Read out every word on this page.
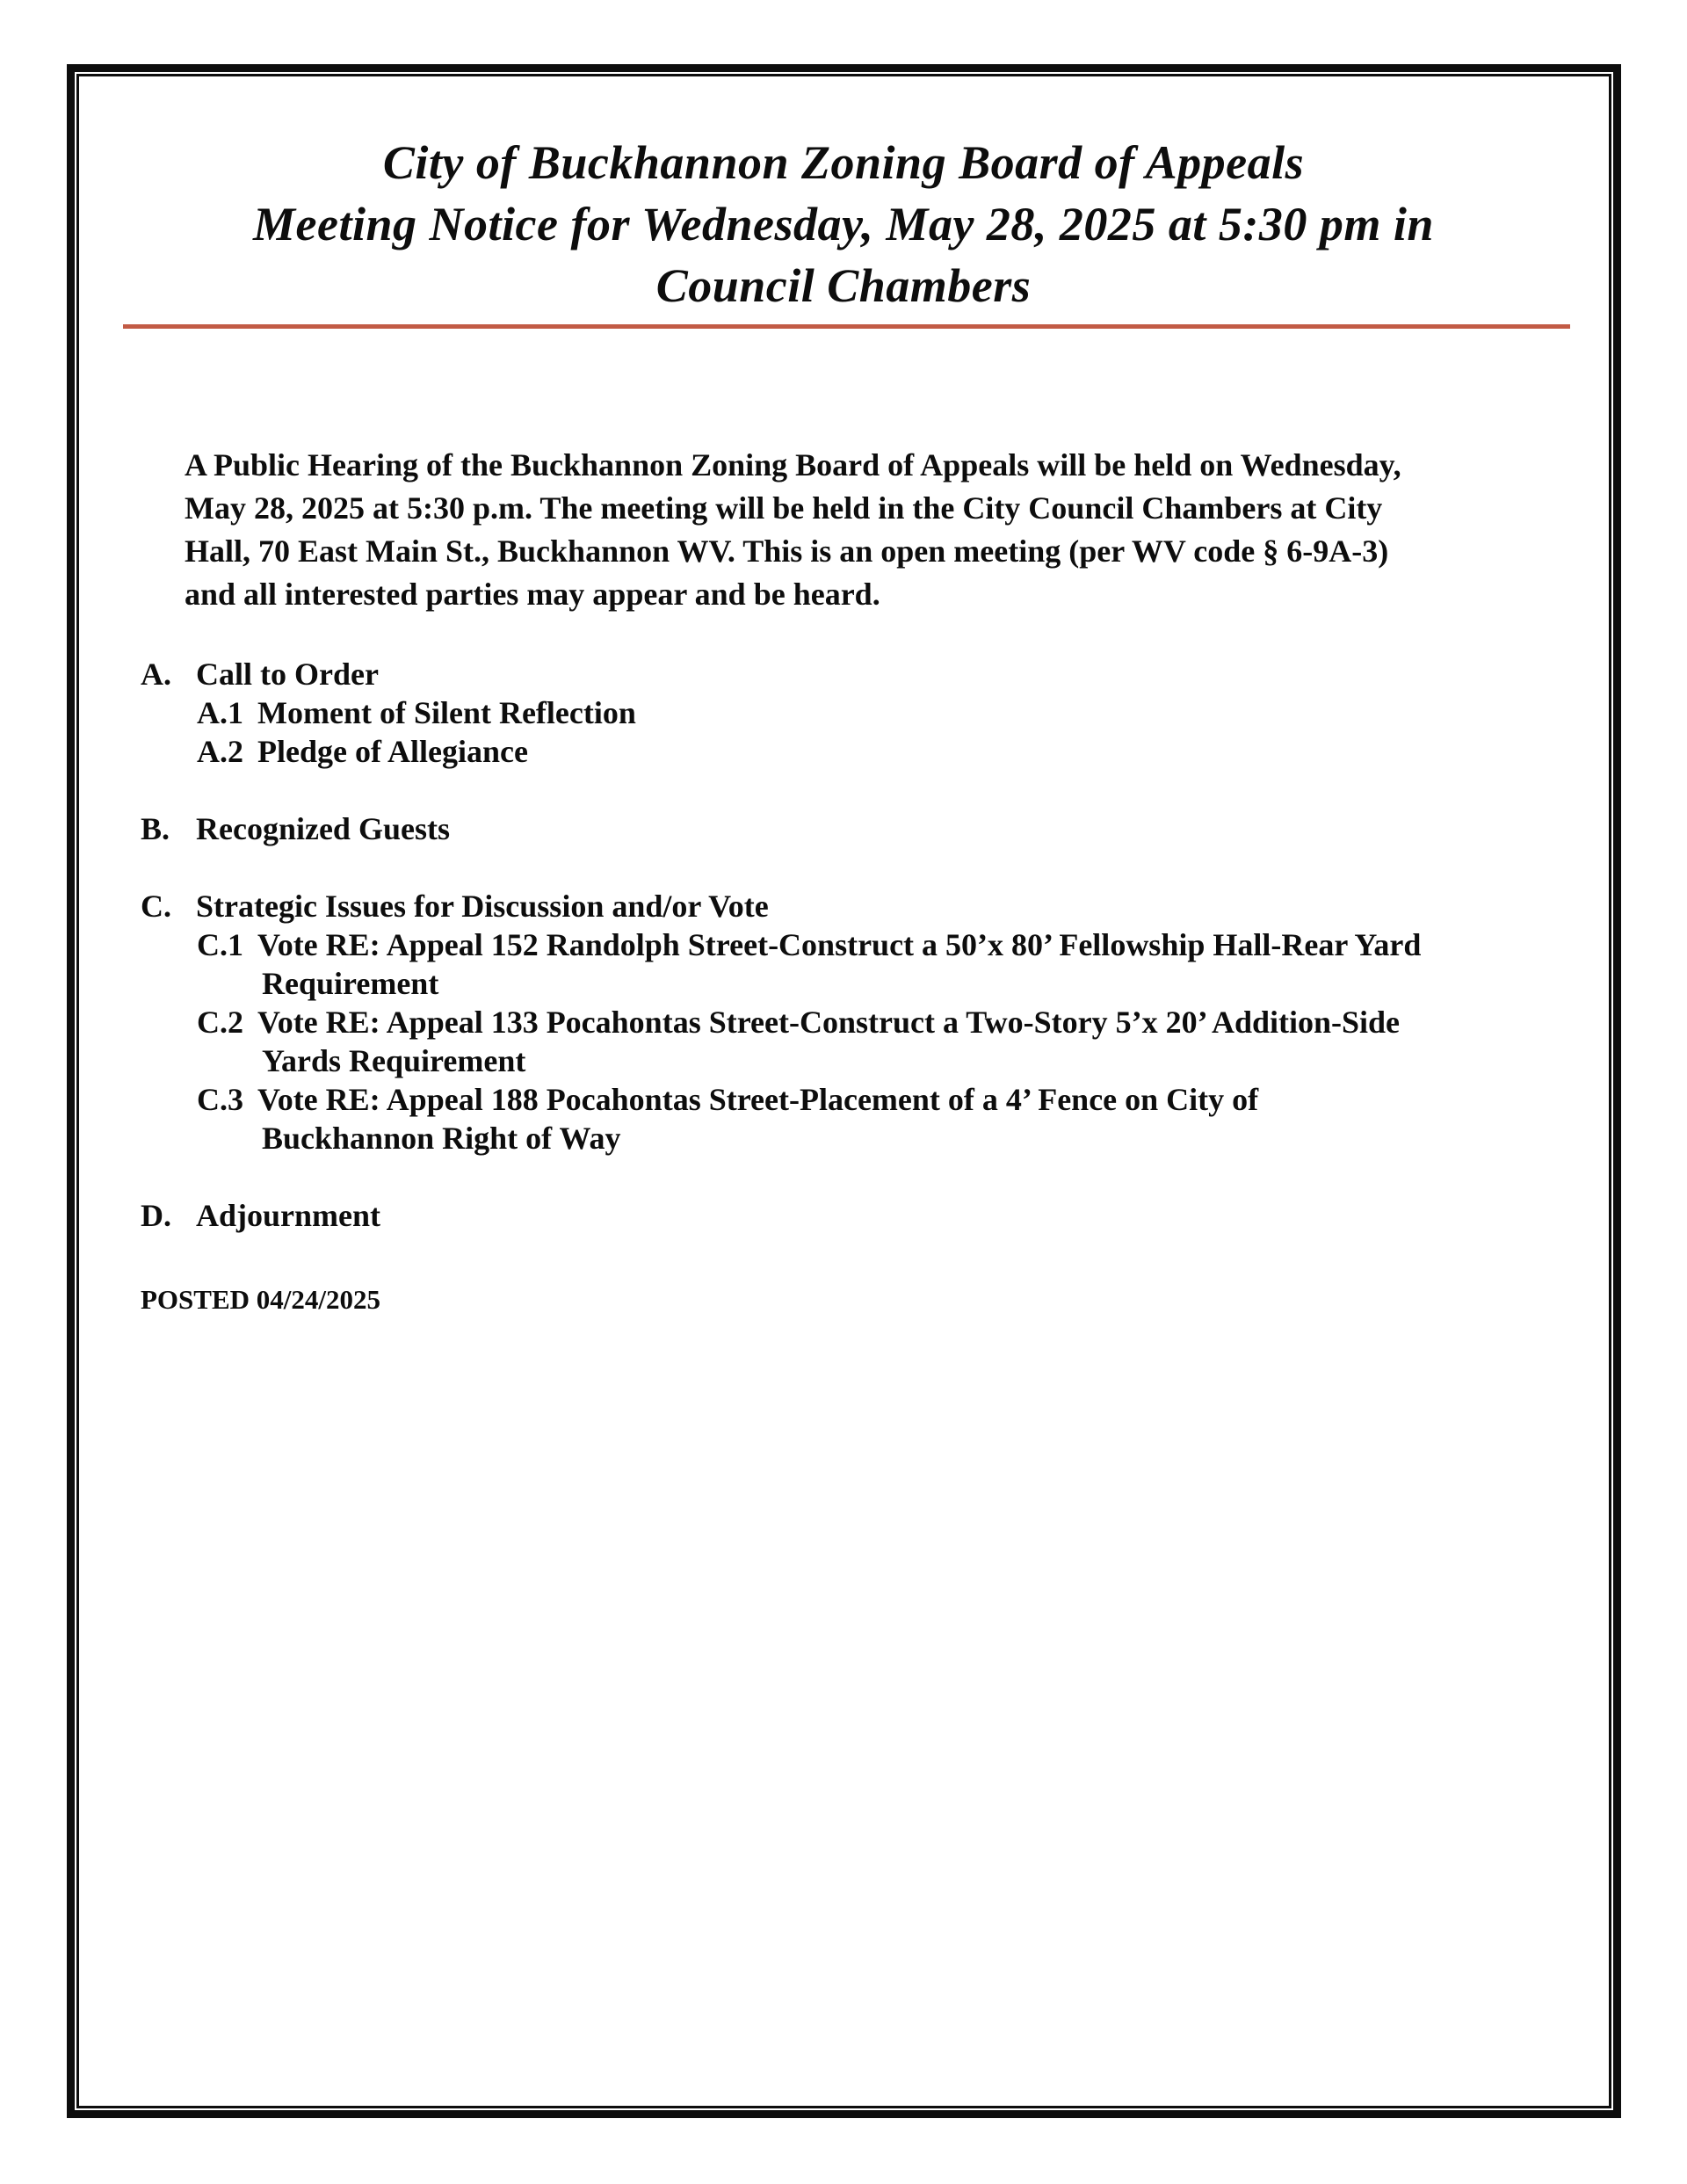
City of Buckhannon Zoning Board of Appeals
Meeting Notice for Wednesday, May 28, 2025 at 5:30 pm in
Council Chambers
A Public Hearing of the Buckhannon Zoning Board of Appeals will be held on Wednesday,
May 28, 2025 at 5:30 p.m. The meeting will be held in the City Council Chambers at City
Hall, 70 East Main St., Buckhannon WV. This is an open meeting (per WV code § 6-9A-3)
and all interested parties may appear and be heard.
A. Call to Order
A.1 Moment of Silent Reflection
A.2 Pledge of Allegiance
B. Recognized Guests
C. Strategic Issues for Discussion and/or Vote
C.1 Vote RE: Appeal 152 Randolph Street-Construct a 50’x 80’ Fellowship Hall-Rear Yard
Requirement
C.2 Vote RE: Appeal 133 Pocahontas Street-Construct a Two-Story 5’x 20’ Addition-Side
Yards Requirement
C.3 Vote RE: Appeal 188 Pocahontas Street-Placement of a 4’ Fence on City of
Buckhannon Right of Way
D. Adjournment
POSTED 04/24/2025
